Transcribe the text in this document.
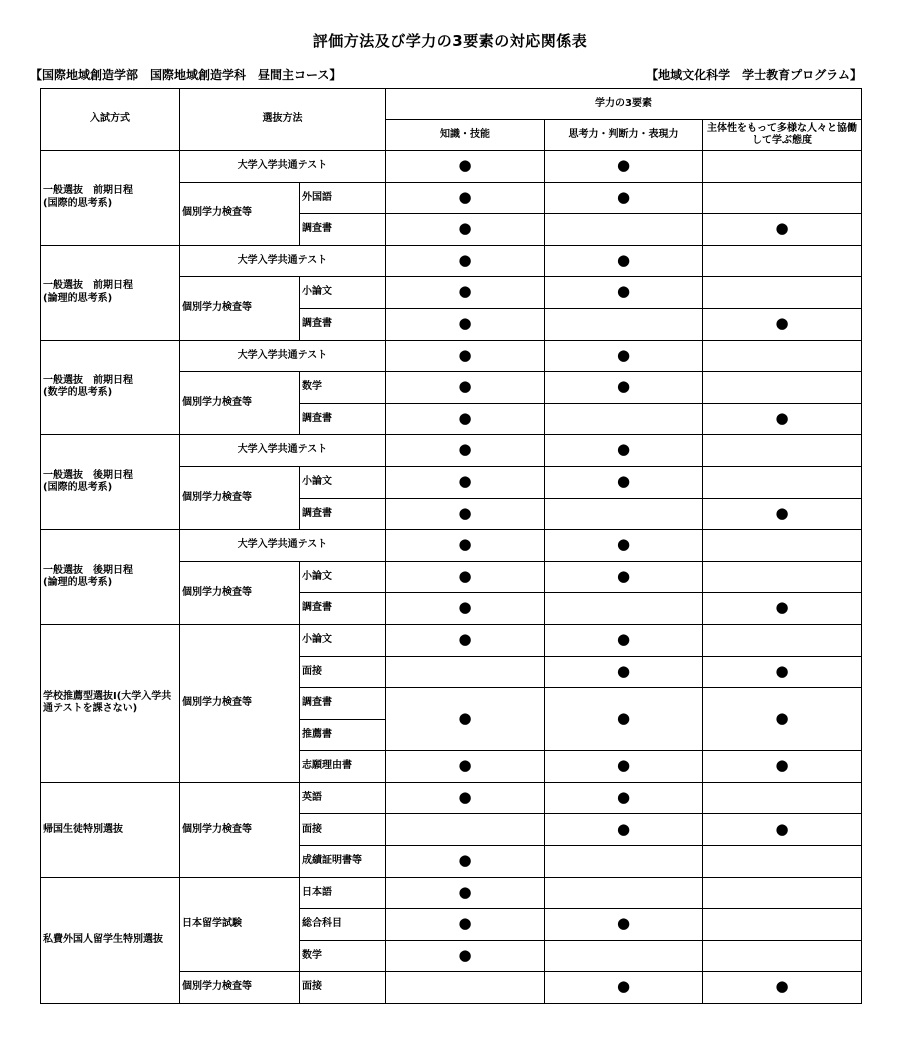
評価方法及び学力の3要素の対応関係表
【国際地域創造学部　国際地域創造学科　昼間主コース】	【地域文化科学　学士教育プログラム】
入試方式	選抜方法		学力の3要素		
			知識・技能	思考力・判断力・表現力	主体性をもって多様な人々と協働して学ぶ態度
一般選抜　前期日程
(国際的思考系)	大学入学共通テスト		●	●	
	個別学力検査等	外国語	●	●	
		調査書	●		●
一般選抜　前期日程
(論理的思考系)	大学入学共通テスト		●	●	
	個別学力検査等	小論文	●	●	
		調査書	●		●
一般選抜　前期日程
(数学的思考系)	大学入学共通テスト		●	●	
	個別学力検査等	数学	●	●	
		調査書	●		●
一般選抜　後期日程
(国際的思考系)	大学入学共通テスト		●	●	
	個別学力検査等	小論文	●	●	
		調査書	●		●
一般選抜　後期日程
(論理的思考系)	大学入学共通テスト		●	●	
	個別学力検査等	小論文	●	●	
		調査書	●		●
学校推薦型選抜I(大学入学共通テストを課さない)	個別学力検査等	小論文	●	●	
		面接		●	●
		調査書	●	●	●
		推薦書			
		志願理由書	●	●	●
帰国生徒特別選抜	個別学力検査等	英語	●	●	
		面接		●	●
		成績証明書等	●		
私費外国人留学生特別選抜	日本留学試験	日本語	●		
		総合科目	●	●	
		数学	●		
	個別学力検査等	面接		●	●
